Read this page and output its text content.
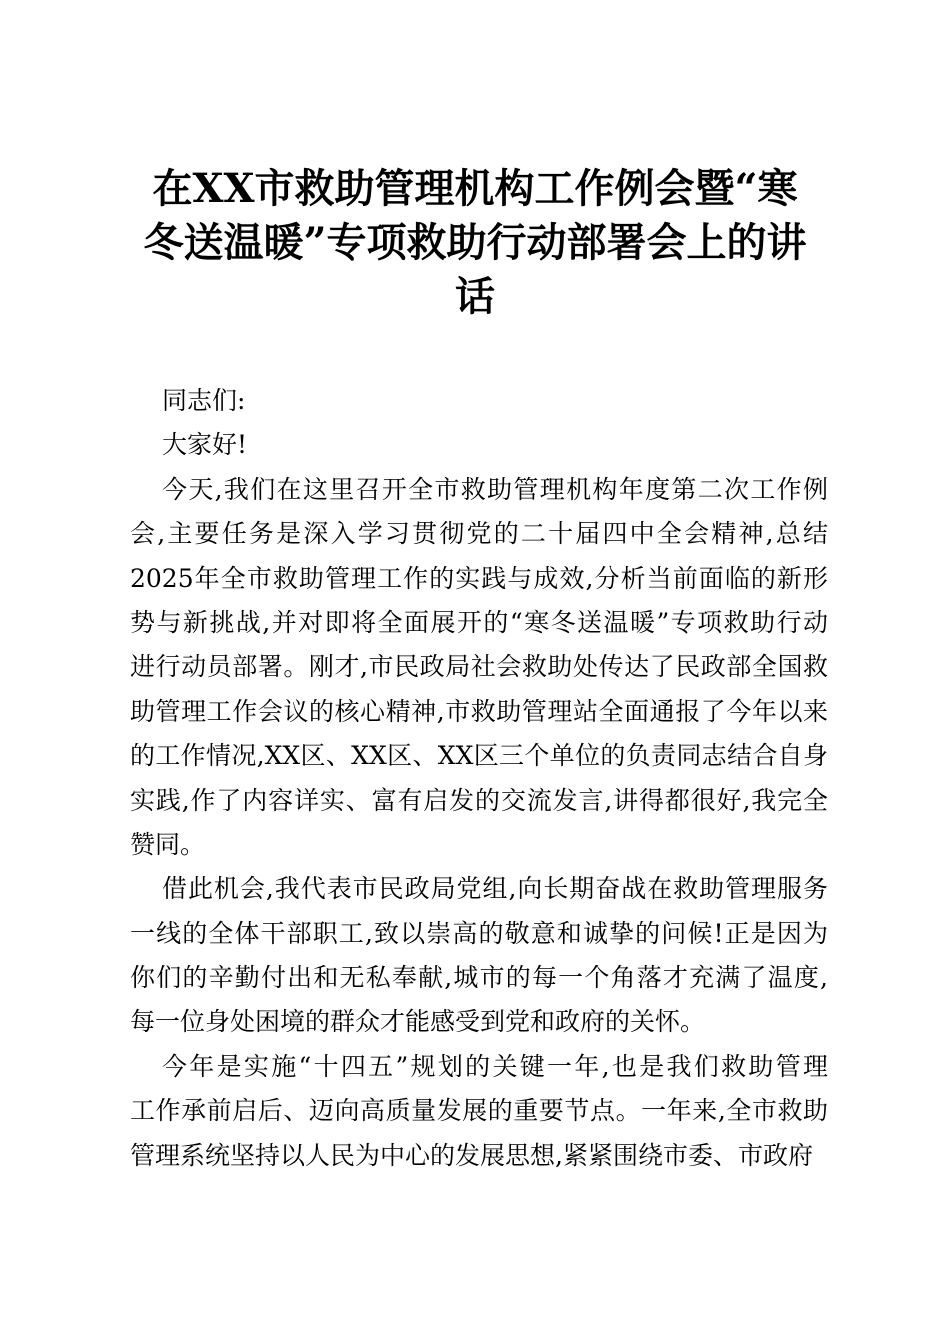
在XX市救助管理机构工作例会暨“寒
冬送温暖”专项救助行动部署会上的讲
话
同志们:
大家好!
今天,我们在这里召开全市救助管理机构年度第二次工作例
会,主要任务是深入学习贯彻党的二十届四中全会精神,总结
2025年全市救助管理工作的实践与成效,分析当前面临的新形
势与新挑战,并对即将全面展开的“寒冬送温暖”专项救助行动
进行动员部署。刚才,市民政局社会救助处传达了民政部全国救
助管理工作会议的核心精神,市救助管理站全面通报了今年以来
的工作情况,XX区、XX区、XX区三个单位的负责同志结合自身
实践,作了内容详实、富有启发的交流发言,讲得都很好,我完全
赞同。
借此机会,我代表市民政局党组,向长期奋战在救助管理服务
一线的全体干部职工,致以崇高的敬意和诚挚的问候!正是因为
你们的辛勤付出和无私奉献,城市的每一个角落才充满了温度,
每一位身处困境的群众才能感受到党和政府的关怀。
今年是实施“十四五”规划的关键一年,也是我们救助管理
工作承前启后、迈向高质量发展的重要节点。一年来,全市救助
管理系统坚持以人民为中心的发展思想,紧紧围绕市委、市政府
